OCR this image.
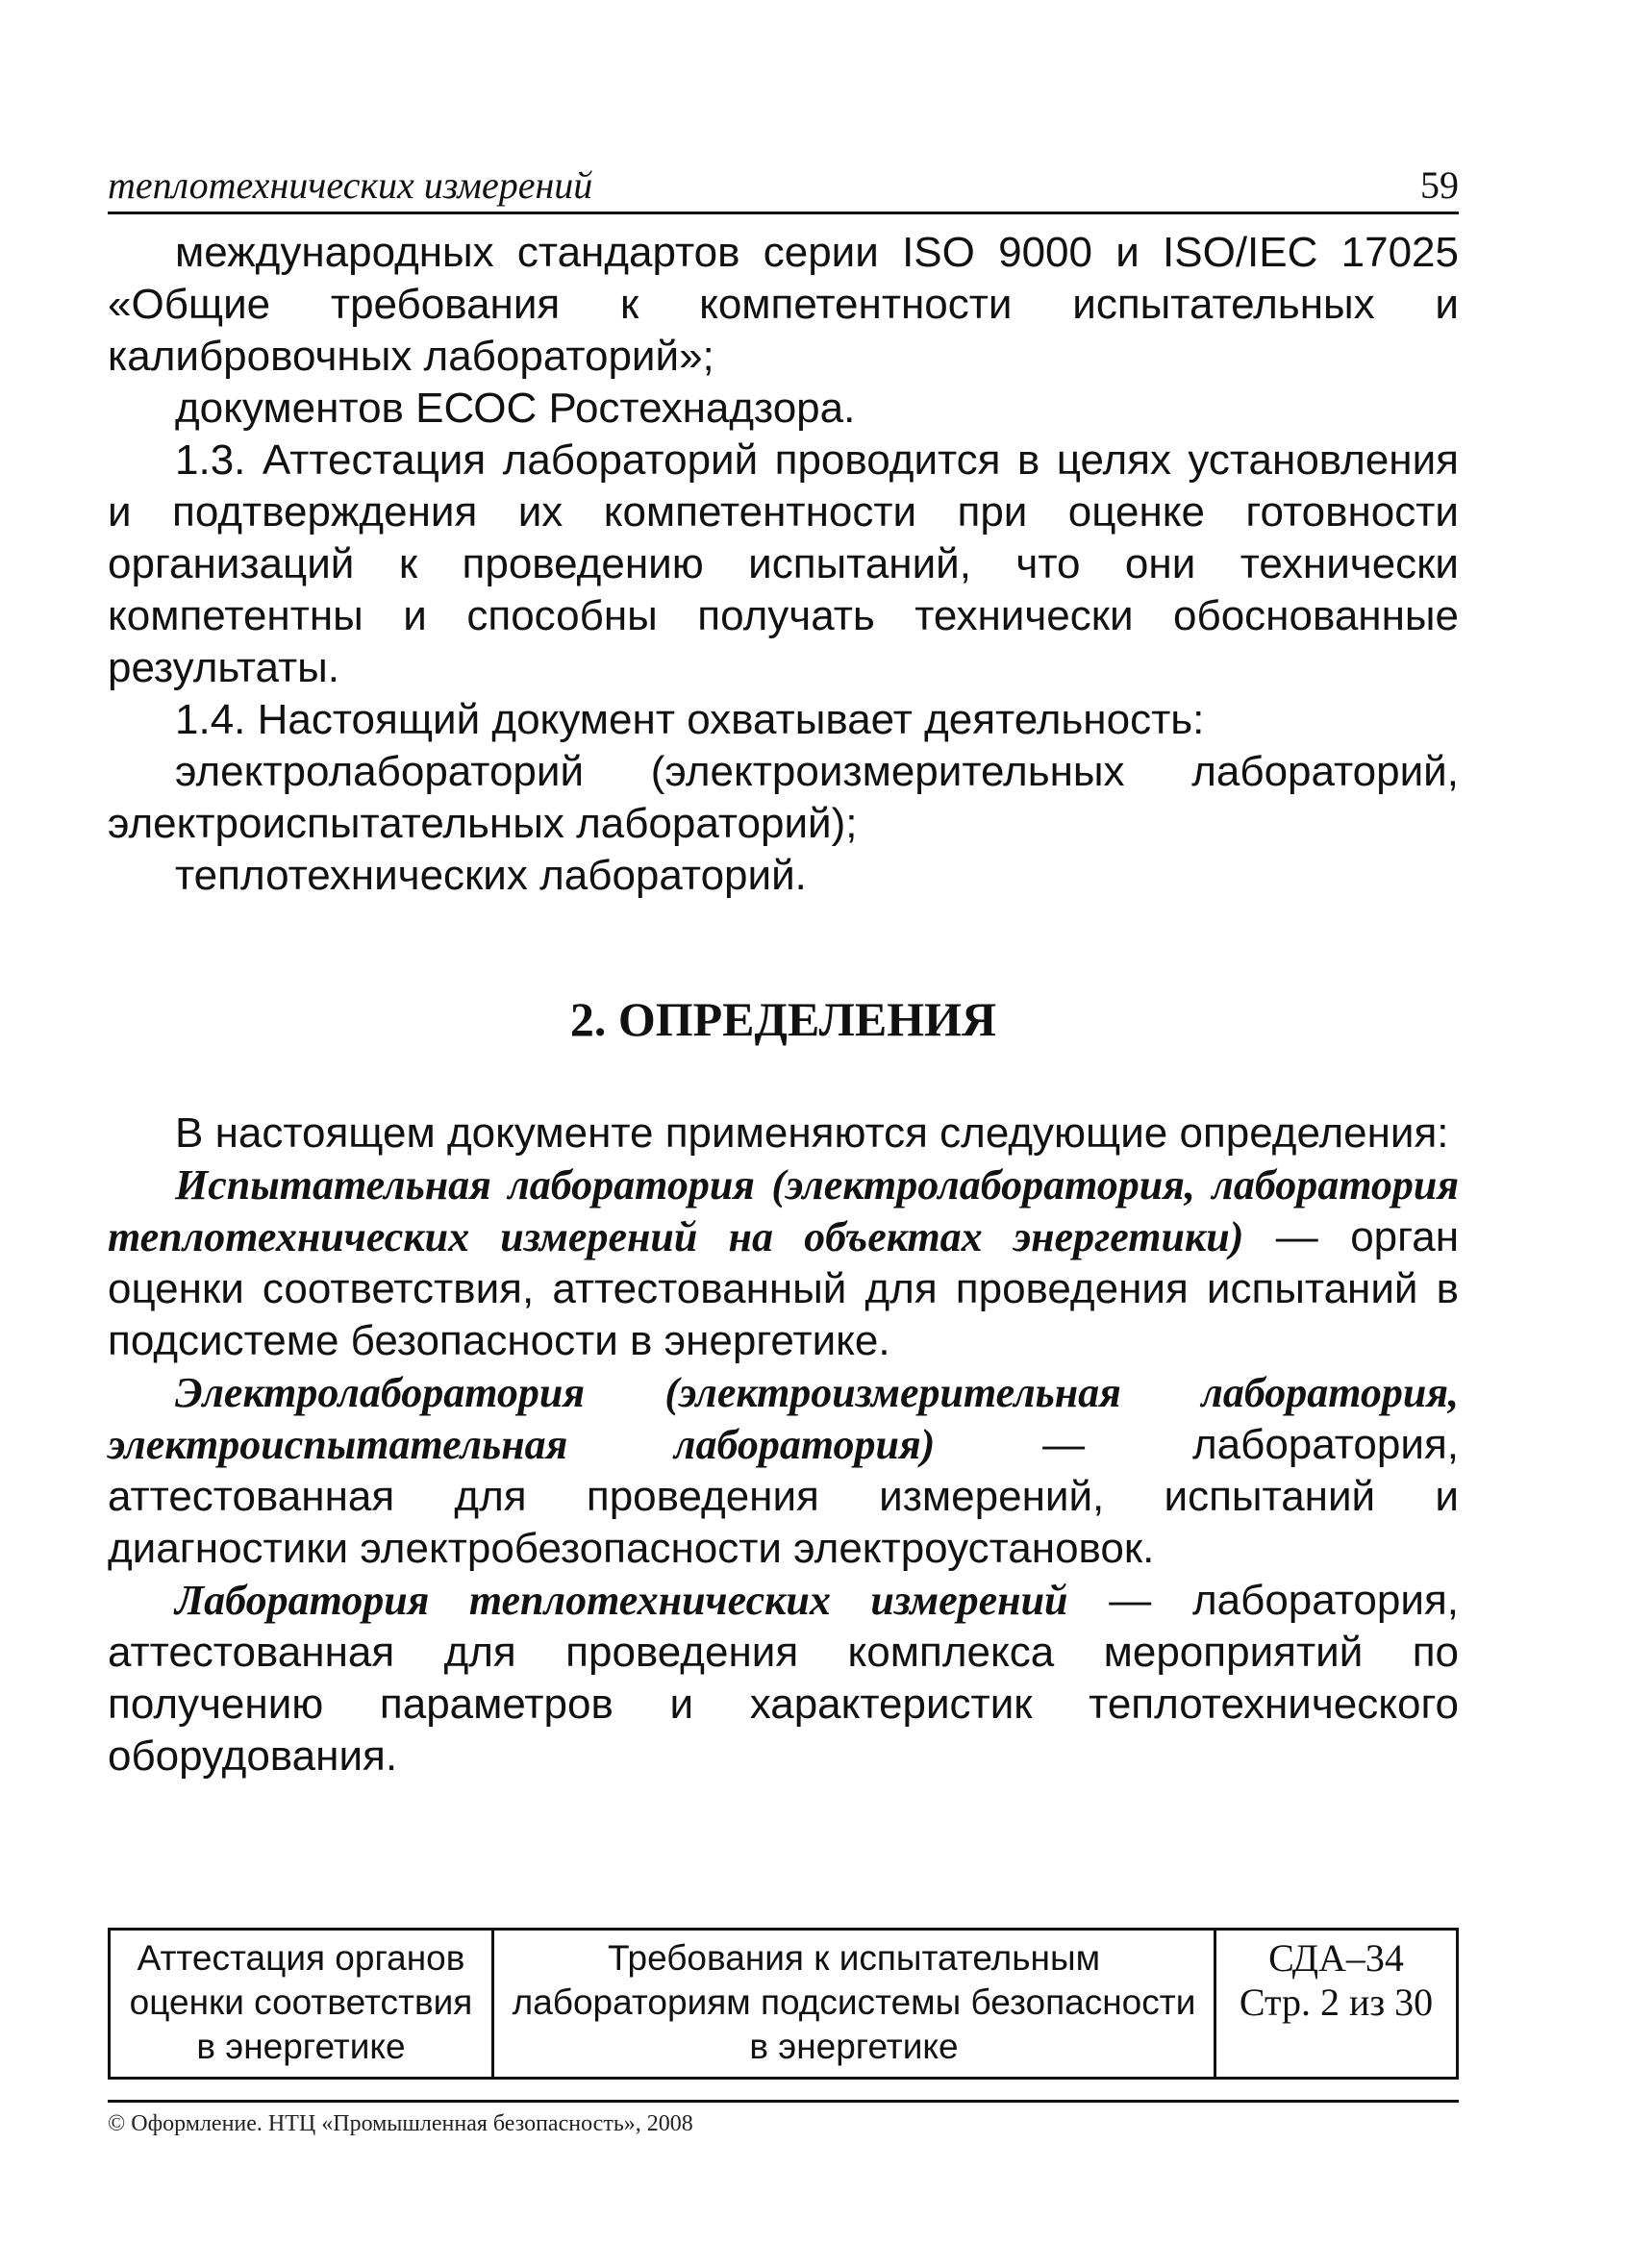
теплотехнических измерений	59

международных стандартов серии ISO 9000 и ISO/IEC 17025 «Общие требования к компетентности испытательных и калибровочных лабораторий»;

документов ЕСОС Ростехнадзора.

1.3. Аттестация лабораторий проводится в целях установления и подтверждения их компетентности при оценке готовности организаций к проведению испытаний, что они технически компетентны и способны получать технически обоснованные результаты.

1.4. Настоящий документ охватывает деятельность:

электролабораторий (электроизмерительных лабораторий, электроиспытательных лабораторий);

теплотехнических лабораторий.

2. ОПРЕДЕЛЕНИЯ

В настоящем документе применяются следующие определения:

Испытательная лаборатория (электролаборатория, лаборатория теплотехнических измерений на объектах энергетики) — орган оценки соответствия, аттестованный для проведения испытаний в подсистеме безопасности в энергетике.

Электролаборатория (электроизмерительная лаборатория, электроиспытательная лаборатория) — лаборатория, аттестованная для проведения измерений, испытаний и диагностики электробезопасности электроустановок.

Лаборатория теплотехнических измерений — лаборатория, аттестованная для проведения комплекса мероприятий по получению параметров и характеристик теплотехнического оборудования.

Аттестация органов
оценки соответствия
в энергетике

Требования к испытательным
лабораториям подсистемы безопасности
в энергетике

СДА–34
Стр. 2 из 30
© Оформление. НТЦ «Промышленная безопасность», 2008
